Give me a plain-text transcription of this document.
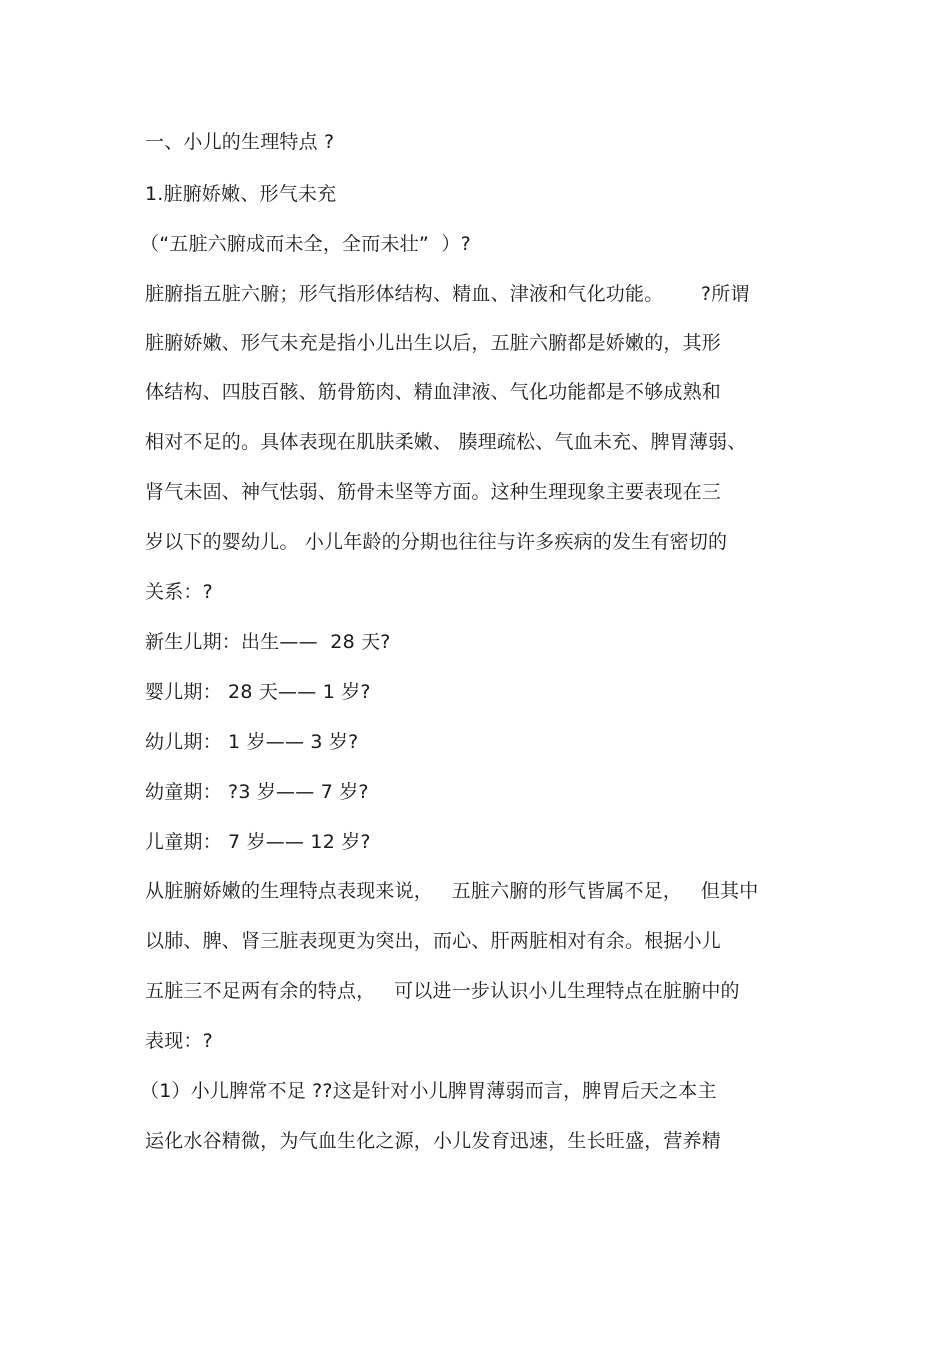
一、小儿的生理特点 ?

1.脏腑娇嫩、形气未充

（“五脏六腑成而未全，全而未壮”  ）?

脏腑指五脏六腑；形气指形体结构、精血、津液和气化功能。      ?所谓

脏腑娇嫩、形气未充是指小儿出生以后，五脏六腑都是娇嫩的，其形

体结构、四肢百骸、筋骨筋肉、精血津液、气化功能都是不够成熟和

相对不足的。具体表现在肌肤柔嫩、 腠理疏松、气血未充、脾胃薄弱、

肾气未固、神气怯弱、筋骨未坚等方面。这种生理现象主要表现在三

岁以下的婴幼儿。 小儿年龄的分期也往往与许多疾病的发生有密切的

关系：?

新生儿期：出生——  28 天?

婴儿期： 28 天—— 1 岁?

幼儿期： 1 岁—— 3 岁?

幼童期： ?3 岁—— 7 岁?

儿童期： 7 岁—— 12 岁?

从脏腑娇嫩的生理特点表现来说，   五脏六腑的形气皆属不足，   但其中

以肺、脾、肾三脏表现更为突出，而心、肝两脏相对有余。根据小儿

五脏三不足两有余的特点，   可以进一步认识小儿生理特点在脏腑中的

表现：?

（1）小儿脾常不足 ??这是针对小儿脾胃薄弱而言，脾胃后天之本主

运化水谷精微，为气血生化之源，小儿发育迅速，生长旺盛，营养精
